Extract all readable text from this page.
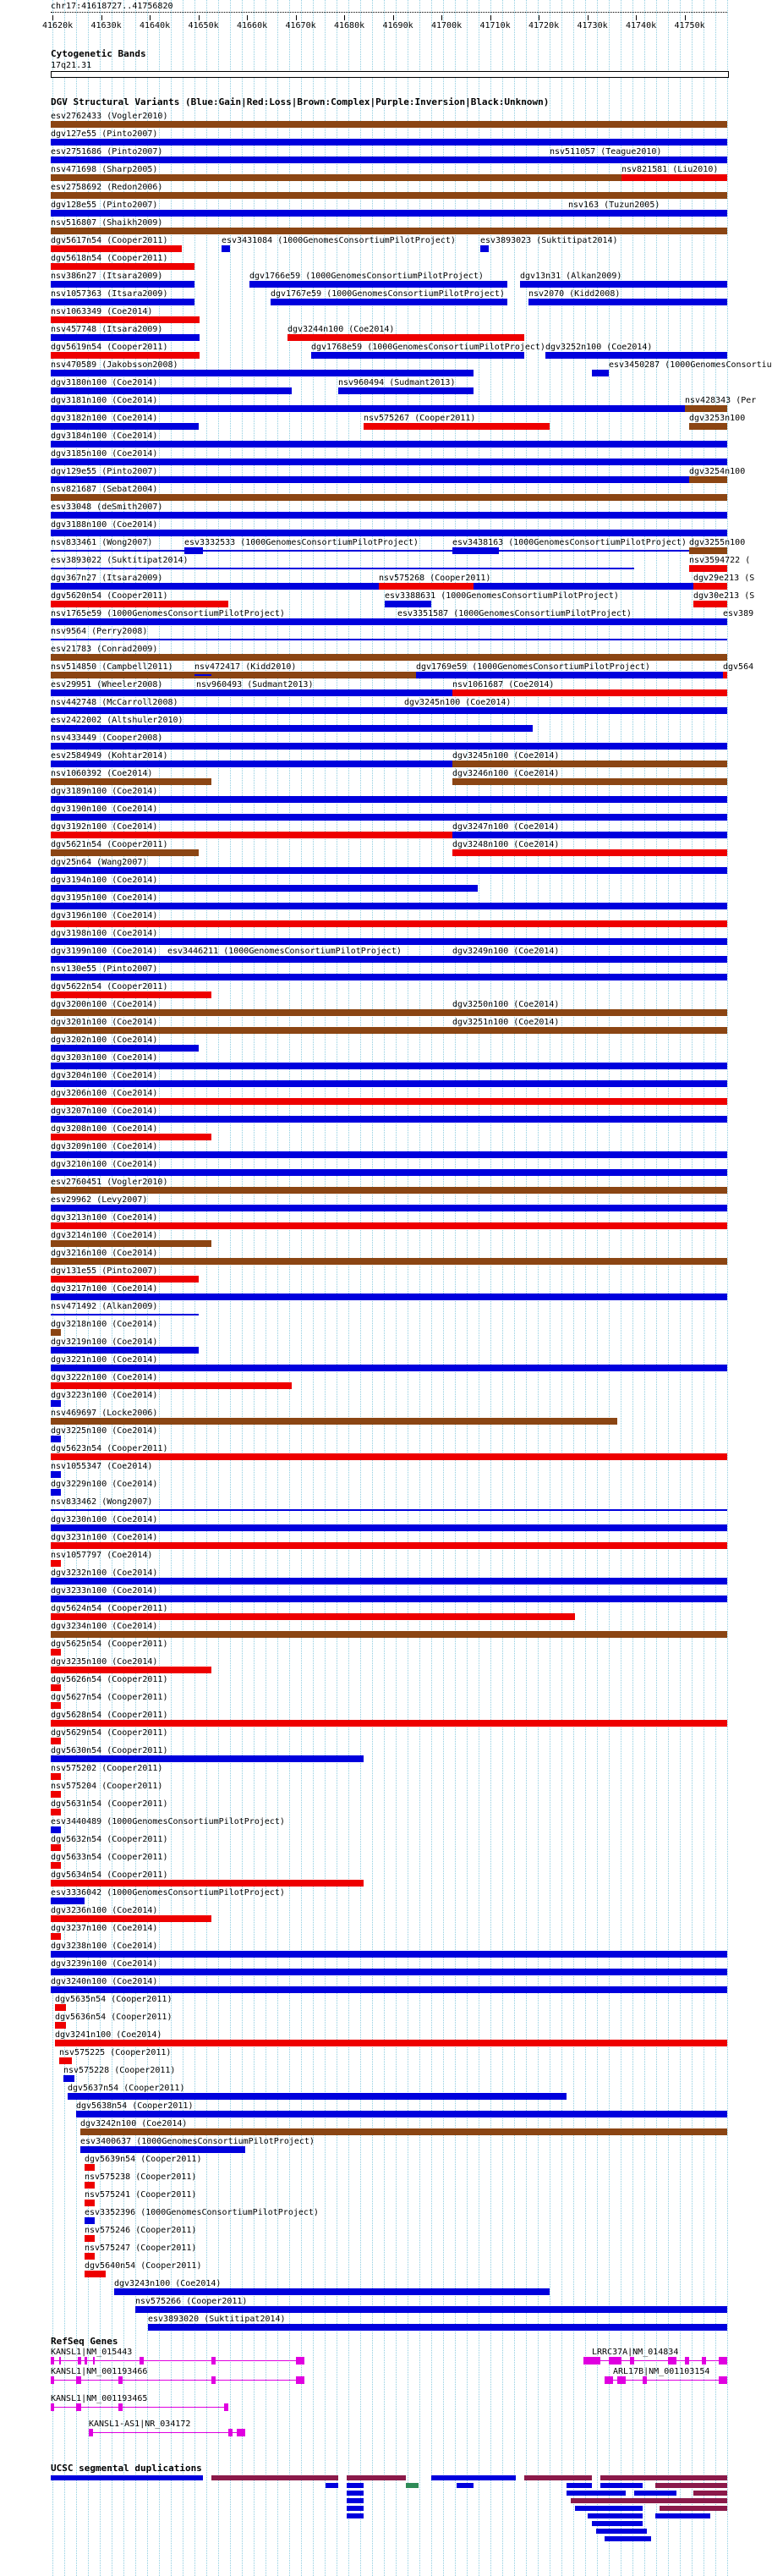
chr17:41618727..41756820
41620k 41630k 41640k 41650k 41660k 41670k 41680k 41690k 41700k 41710k 41720k 41730k 41740k 41750k
Cytogenetic Bands
17q21.31
DGV Structural Variants (Blue:Gain|Red:Loss|Brown:Complex|Purple:Inversion|Black:Unknown)
esv2762433 (Vogler2010)
dgv127e55 (Pinto2007)
esv2751686 (Pinto2007)	nsv511057 (Teague2010)
nsv471698 (Sharp2005)	nsv821581 (Liu2010)
esv2758692 (Redon2006)
dgv128e55 (Pinto2007)	nsv163 (Tuzun2005)
nsv516807 (Shaikh2009)
dgv5617n54 (Cooper2011)	esv3431084 (1000GenomesConsortiumPilotProject)	esv3893023 (Suktitipat2014)
dgv5618n54 (Cooper2011)
nsv386n27 (Itsara2009)	dgv1766e59 (1000GenomesConsortiumPilotProject)	dgv13n31 (Alkan2009)
nsv1057363 (Itsara2009)	dgv1767e59 (1000GenomesConsortiumPilotProject)	nsv2070 (Kidd2008)
nsv1063349 (Coe2014)
nsv457748 (Itsara2009)	dgv3244n100 (Coe2014)
dgv5619n54 (Cooper2011)	dgv1768e59 (1000GenomesConsortiumPilotProject) dgv3252n100 (Coe2014)
nsv470589 (Jakobsson2008)	esv3450287 (1000GenomesConsortiu
dgv3180n100 (Coe2014)	nsv960494 (Sudmant2013)
dgv3181n100 (Coe2014)	nsv428343 (Per
dgv3182n100 (Coe2014)	nsv575267 (Cooper2011)	dgv3253n100
dgv3184n100 (Coe2014)
dgv3185n100 (Coe2014)
dgv129e55 (Pinto2007)	dgv3254n100
nsv821687 (Sebat2004)
esv33048 (deSmith2007)
dgv3188n100 (Coe2014)
nsv833461 (Wong2007)	esv3332533 (1000GenomesConsortiumPilotProject)	esv3438163 (1000GenomesConsortiumPilotProject) dgv3255n100
esv3893022 (Suktitipat2014)	nsv3594722 (
dgv367n27 (Itsara2009)	nsv575268 (Cooper2011)	dgv29e213 (S
dgv5620n54 (Cooper2011)	esv3388631 (1000GenomesConsortiumPilotProject)	dgv30e213 (S
nsv1765e59 (1000GenomesConsortiumPilotProject)	esv3351587 (1000GenomesConsortiumPilotProject)	esv389
nsv9564 (Perry2008)
esv21783 (Conrad2009)
nsv514850 (Campbell2011)	nsv472417 (Kidd2010)	dgv1769e59 (1000GenomesConsortiumPilotProject)	dgv564
esv29951 (Wheeler2008)	nsv960493 (Sudmant2013)	nsv1061687 (Coe2014)
nsv442748 (McCarroll2008)	dgv3245n100 (Coe2014)
esv2422002 (Altshuler2010)
nsv433449 (Cooper2008)
esv2584949 (Kohtar2014)	dgv3245n100 (Coe2014)
nsv1060392 (Coe2014)	dgv3246n100 (Coe2014)
dgv3189n100 (Coe2014)
dgv3190n100 (Coe2014)
dgv3192n100 (Coe2014)	dgv3247n100 (Coe2014)
dgv5621n54 (Cooper2011)	dgv3248n100 (Coe2014)
dgv25n64 (Wang2007)
dgv3194n100 (Coe2014)
dgv3195n100 (Coe2014)
dgv3196n100 (Coe2014)
dgv3198n100 (Coe2014)
dgv3199n100 (Coe2014) esv3446211 (1000GenomesConsortiumPilotProject)	dgv3249n100 (Coe2014)
nsv130e55 (Pinto2007)
dgv5622n54 (Cooper2011)
dgv3200n100 (Coe2014)	dgv3250n100 (Coe2014)
dgv3201n100 (Coe2014)	dgv3251n100 (Coe2014)
dgv3202n100 (Coe2014)
dgv3203n100 (Coe2014)
dgv3204n100 (Coe2014)
dgv3206n100 (Coe2014)
dgv3207n100 (Coe2014)
dgv3208n100 (Coe2014)
dgv3209n100 (Coe2014)
dgv3210n100 (Coe2014)
esv2760451 (Vogler2010)
esv29962 (Levy2007)
dgv3213n100 (Coe2014)
dgv3214n100 (Coe2014)
dgv3216n100 (Coe2014)
dgv131e55 (Pinto2007)
dgv3217n100 (Coe2014)
nsv471492 (Alkan2009)
dgv3218n100 (Coe2014)
dgv3219n100 (Coe2014)
dgv3221n100 (Coe2014)
dgv3222n100 (Coe2014)
dgv3223n100 (Coe2014)
nsv469697 (Locke2006)
dgv3225n100 (Coe2014)
dgv5623n54 (Cooper2011)
nsv1055347 (Coe2014)
dgv3229n100 (Coe2014)
nsv833462 (Wong2007)
dgv3230n100 (Coe2014)
dgv3231n100 (Coe2014)
nsv1057797 (Coe2014)
dgv3232n100 (Coe2014)
dgv3233n100 (Coe2014)
dgv5624n54 (Cooper2011)
dgv3234n100 (Coe2014)
dgv5625n54 (Cooper2011)
dgv3235n100 (Coe2014)
dgv5626n54 (Cooper2011)
dgv5627n54 (Cooper2011)
dgv5628n54 (Cooper2011)
dgv5629n54 (Cooper2011)
dgv5630n54 (Cooper2011)
nsv575202 (Cooper2011)
nsv575204 (Cooper2011)
dgv5631n54 (Cooper2011)
esv3440489 (1000GenomesConsortiumPilotProject)
dgv5632n54 (Cooper2011)
dgv5633n54 (Cooper2011)
dgv5634n54 (Cooper2011)
esv3336042 (1000GenomesConsortiumPilotProject)
dgv3236n100 (Coe2014)
dgv3237n100 (Coe2014)
dgv3238n100 (Coe2014)
dgv3239n100 (Coe2014)
dgv3240n100 (Coe2014)
dgv5635n54 (Cooper2011)
dgv5636n54 (Cooper2011)
dgv3241n100 (Coe2014)
nsv575225 (Cooper2011)
nsv575228 (Cooper2011)
dgv5637n54 (Cooper2011)
dgv5638n54 (Cooper2011)
dgv3242n100 (Coe2014)
esv3400637 (1000GenomesConsortiumPilotProject)
dgv5639n54 (Cooper2011)
nsv575238 (Cooper2011)
nsv575241 (Cooper2011)
esv3352396 (1000GenomesConsortiumPilotProject)
nsv575246 (Cooper2011)
nsv575247 (Cooper2011)
dgv5640n54 (Cooper2011)
dgv3243n100 (Coe2014)
nsv575266 (Cooper2011)
esv3893020 (Suktitipat2014)
RefSeq Genes
KANSL1|NM_015443
KANSL1|NM_001193466
KANSL1|NM_001193465
KANSL1-AS1|NR_034172
LRRC37A|NM_014834
ARL17B|NM_001103154
UCSC segmental duplications
